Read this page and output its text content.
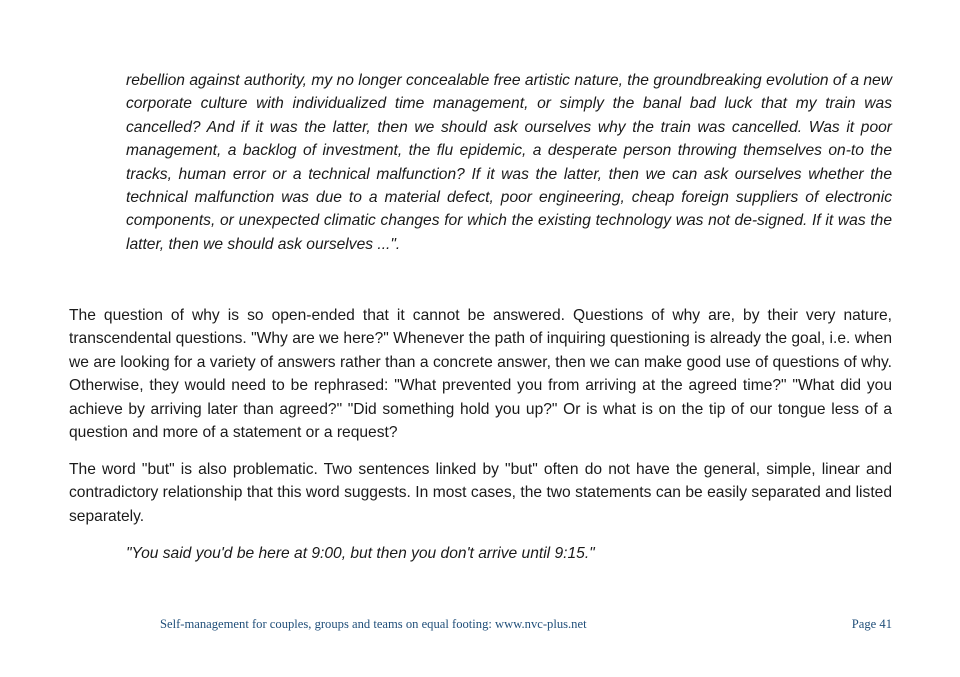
rebellion against authority, my no longer concealable free artistic nature, the groundbreaking evolution of a new corporate culture with individualized time management, or simply the banal bad luck that my train was cancelled? And if it was the latter, then we should ask ourselves why the train was cancelled. Was it poor management, a backlog of investment, the flu epidemic, a desperate person throwing themselves on-to the tracks, human error or a technical malfunction? If it was the latter, then we can ask ourselves whether the technical malfunction was due to a material defect, poor engineering, cheap foreign suppliers of electronic components, or unexpected climatic changes for which the existing technology was not de-signed. If it was the latter, then we should ask ourselves ...".
The question of why is so open-ended that it cannot be answered. Questions of why are, by their very nature, transcendental questions. "Why are we here?" Whenever the path of inquiring questioning is already the goal, i.e. when we are looking for a variety of answers rather than a concrete answer, then we can make good use of questions of why. Otherwise, they would need to be rephrased: "What prevented you from arriving at the agreed time?" "What did you achieve by arriving later than agreed?" "Did something hold you up?" Or is what is on the tip of our tongue less of a question and more of a statement or a request?
The word "but" is also problematic. Two sentences linked by "but" often do not have the general, simple, linear and contradictory relationship that this word suggests. In most cases, the two statements can be easily separated and listed separately.
"You said you'd be here at 9:00, but then you don't arrive until 9:15."
Self-management for couples, groups and teams on equal footing: www.nvc-plus.net	Page 41
